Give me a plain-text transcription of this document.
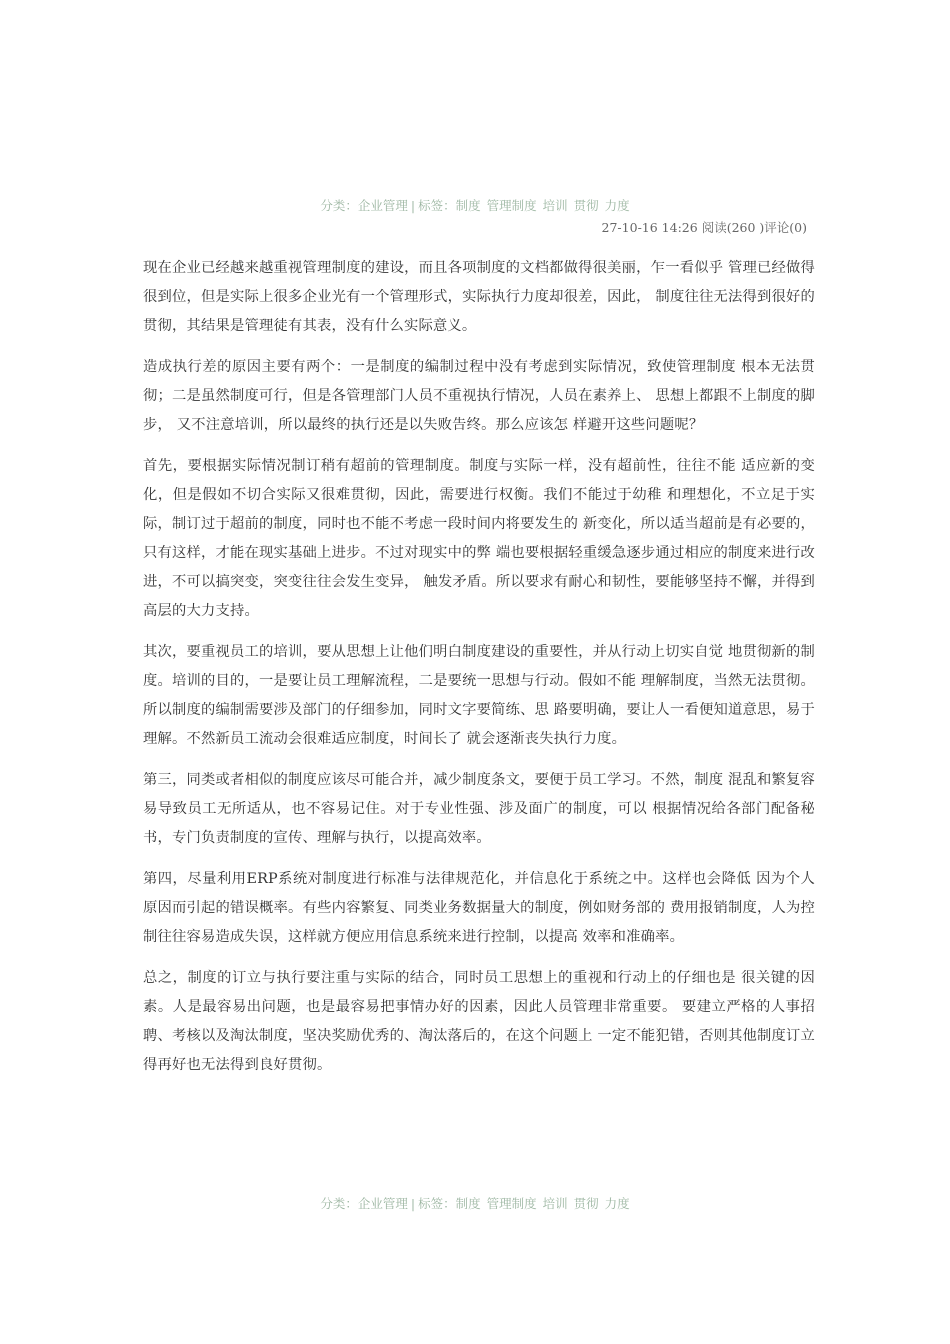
分类：企业管理 | 标签：制度 管理制度 培训 贯彻 力度
27-10-16 14:26 阅读(260 )评论(0)

现在企业已经越来越重视管理制度的建设，而且各项制度的文档都做得很美丽，乍一看似乎 管理已经做得很到位，但是实际上很多企业光有一个管理形式，实际执行力度却很差，因此， 制度往往无法得到很好的贯彻，其结果是管理徒有其表，没有什么实际意义。

造成执行差的原因主要有两个：一是制度的编制过程中没有考虑到实际情况，致使管理制度 根本无法贯彻；二是虽然制度可行，但是各管理部门人员不重视执行情况，人员在素养上、 思想上都跟不上制度的脚步， 又不注意培训，所以最终的执行还是以失败告终。那么应该怎 样避开这些问题呢？

首先，要根据实际情况制订稍有超前的管理制度。制度与实际一样，没有超前性，往往不能 适应新的变化，但是假如不切合实际又很难贯彻，因此，需要进行权衡。我们不能过于幼稚 和理想化，不立足于实际，制订过于超前的制度，同时也不能不考虑一段时间内将要发生的 新变化，所以适当超前是有必要的，只有这样，才能在现实基础上进步。不过对现实中的弊 端也要根据轻重缓急逐步通过相应的制度来进行改进，不可以搞突变，突变往往会发生变异， 触发矛盾。所以要求有耐心和韧性，要能够坚持不懈，并得到高层的大力支持。

其次，要重视员工的培训，要从思想上让他们明白制度建设的重要性，并从行动上切实自觉 地贯彻新的制度。培训的目的，一是要让员工理解流程，二是要统一思想与行动。假如不能 理解制度，当然无法贯彻。所以制度的编制需要涉及部门的仔细参加，同时文字要简练、思 路要明确，要让人一看便知道意思，易于理解。不然新员工流动会很难适应制度，时间长了 就会逐渐丧失执行力度。

第三，同类或者相似的制度应该尽可能合并，减少制度条文，要便于员工学习。不然，制度 混乱和繁复容易导致员工无所适从，也不容易记住。对于专业性强、涉及面广的制度，可以 根据情况给各部门配备秘书，专门负责制度的宣传、理解与执行，以提高效率。

第四，尽量利用ERP系统对制度进行标准与法律规范化，并信息化于系统之中。这样也会降低 因为个人原因而引起的错误概率。有些内容繁复、同类业务数据量大的制度，例如财务部的 费用报销制度，人为控制往往容易造成失误，这样就方便应用信息系统来进行控制，以提高 效率和准确率。

总之，制度的订立与执行要注重与实际的结合，同时员工思想上的重视和行动上的仔细也是 很关键的因素。人是最容易出问题，也是最容易把事情办好的因素，因此人员管理非常重要。 要建立严格的人事招聘、考核以及淘汰制度，坚决奖励优秀的、淘汰落后的，在这个问题上 一定不能犯错，否则其他制度订立得再好也无法得到良好贯彻。

分类：企业管理 | 标签：制度 管理制度 培训 贯彻 力度
